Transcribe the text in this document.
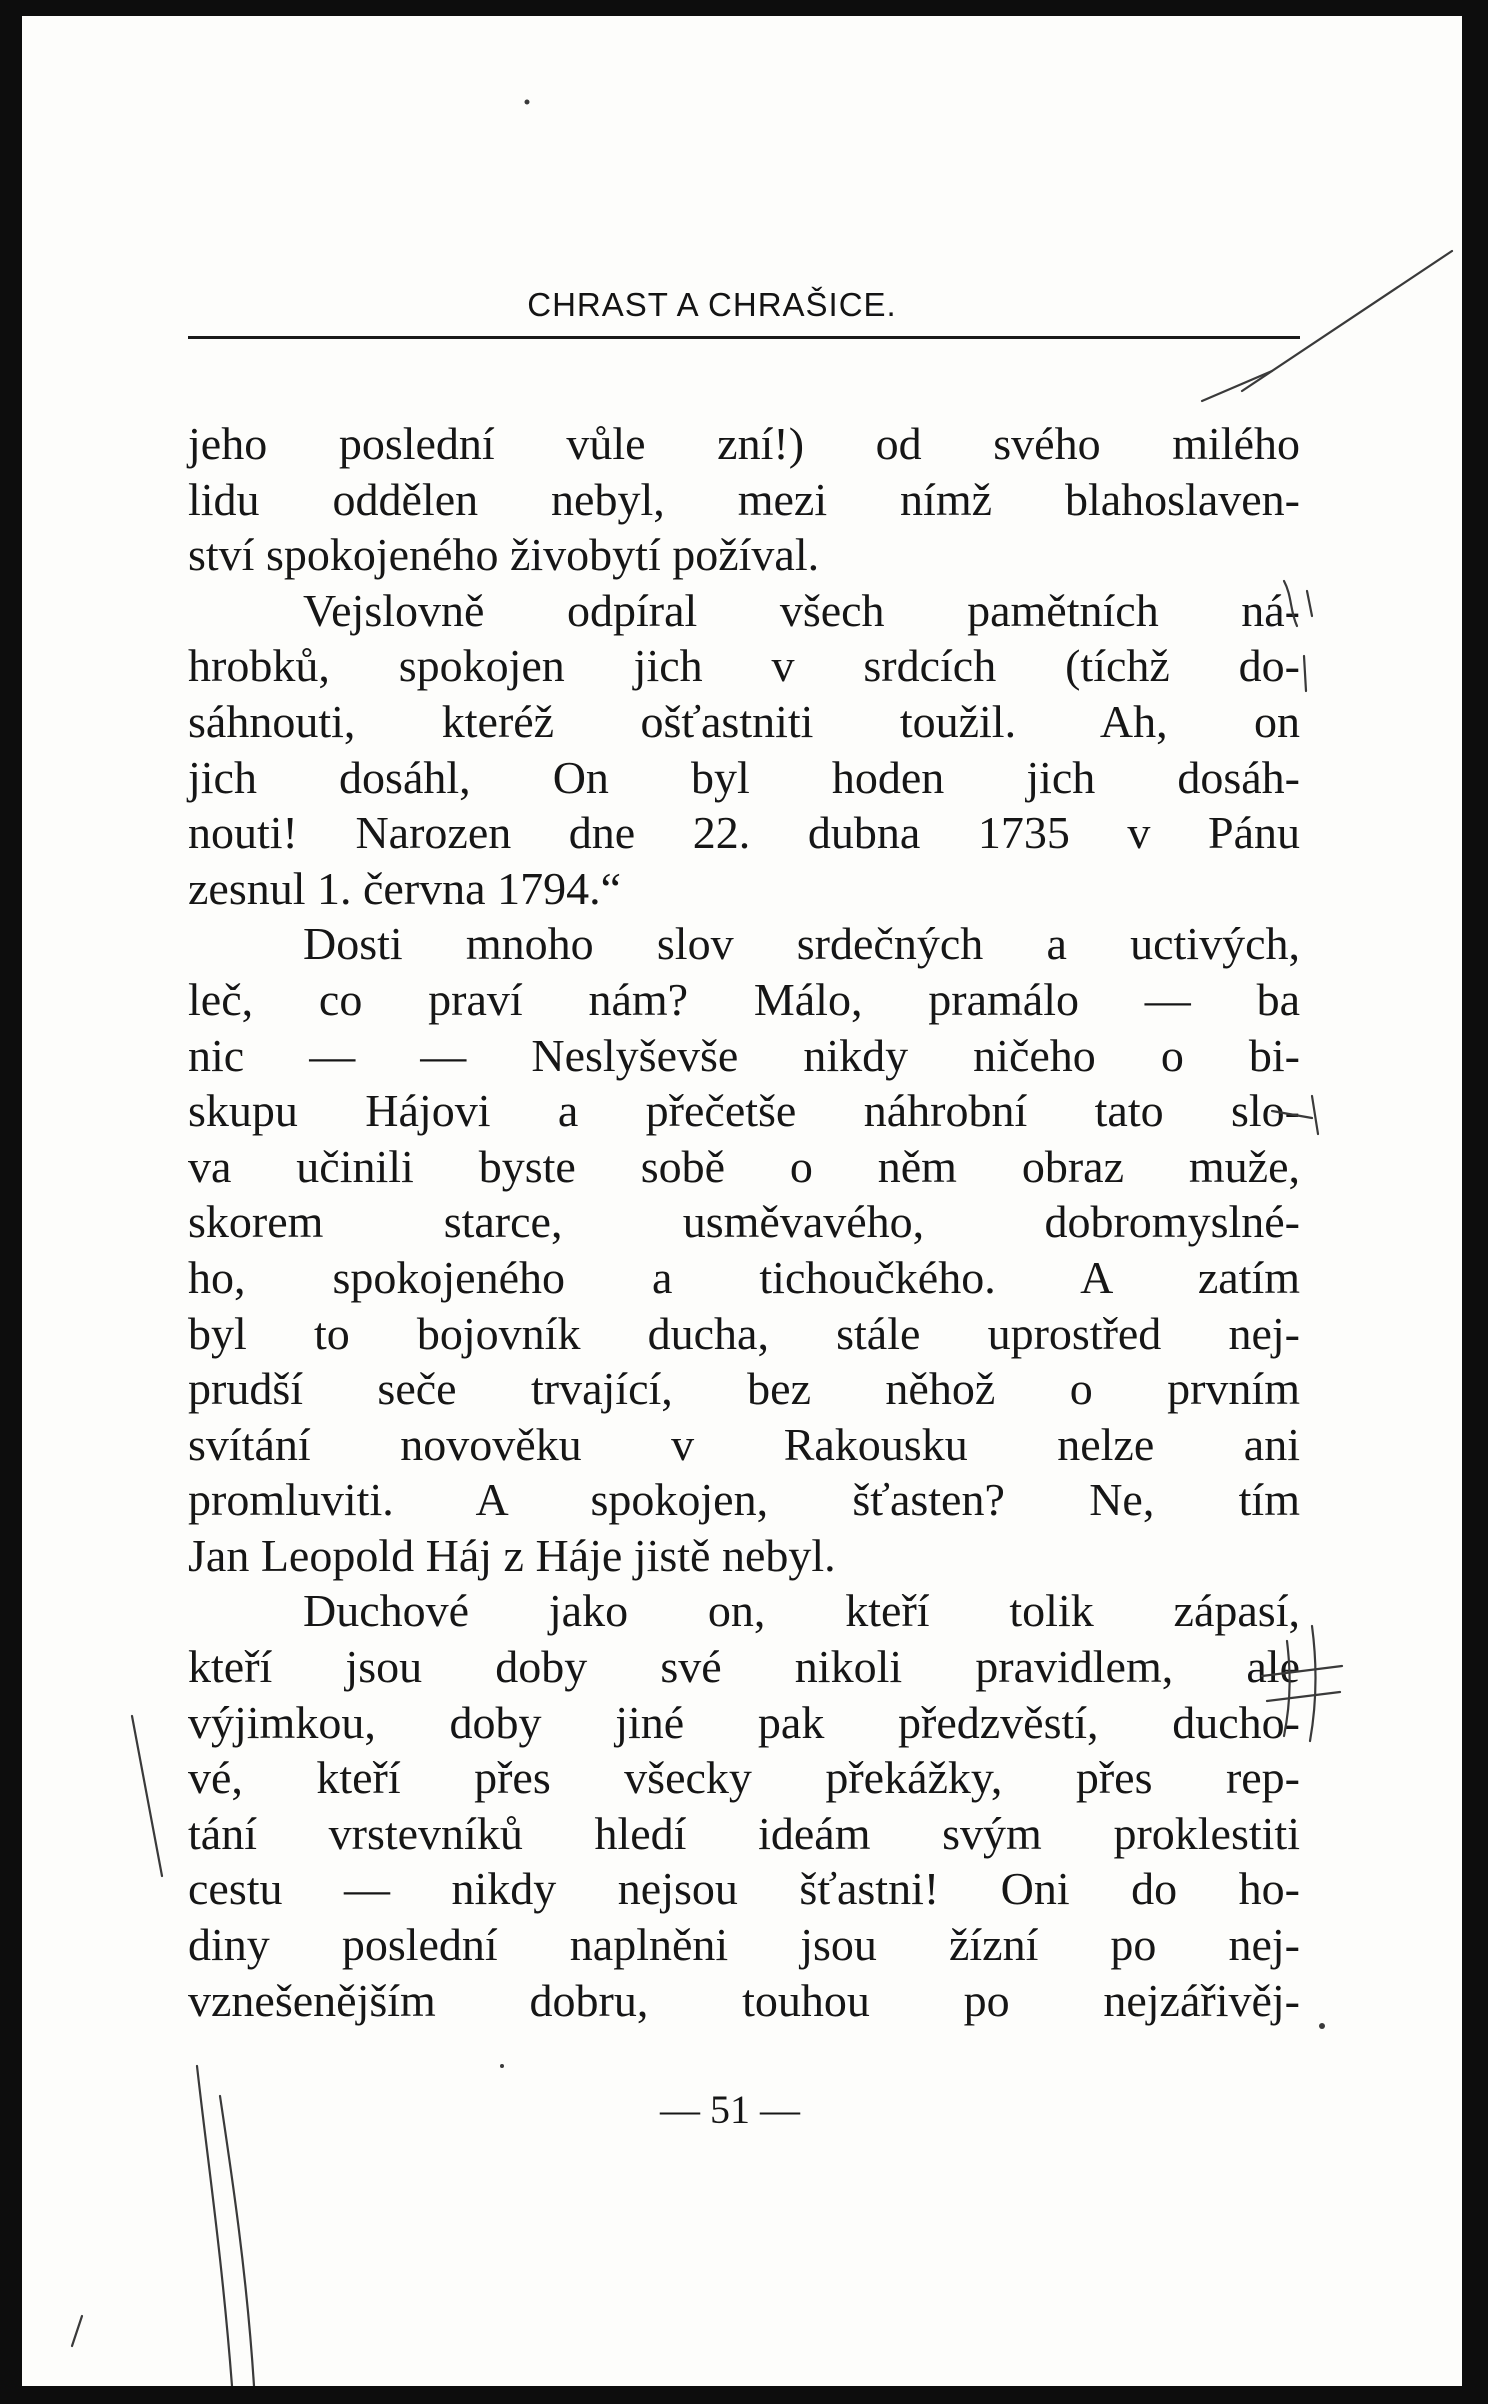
CHRAST A CHRAŠICE.
jeho poslední vůle zní!) od svého milého
lidu oddělen nebyl, mezi nímž blahoslaven-
ství spokojeného živobytí požíval.
Vejslovně odpíral všech pamětních ná-
hrobků, spokojen jich v srdcích (tíchž do-
sáhnouti, kteréž ošťastniti toužil. Ah, on
jich dosáhl, On byl hoden jich dosáh-
nouti! Narozen dne 22. dubna 1735 v Pánu
zesnul 1. června 1794.“
Dosti mnoho slov srdečných a uctivých,
leč, co praví nám? Málo, pramálo — ba
nic — — Neslyševše nikdy ničeho o bi-
skupu Hájovi a přečetše náhrobní tato slo-
va učinili byste sobě o něm obraz muže,
skorem starce, usměvavého, dobromyslné-
ho, spokojeného a tichoučkého. A zatím
byl to bojovník ducha, stále uprostřed nej-
prudší seče trvající, bez něhož o prvním
svítání novověku v Rakousku nelze ani
promluviti. A spokojen, šťasten? Ne, tím
Jan Leopold Háj z Háje jistě nebyl.
Duchové jako on, kteří tolik zápasí,
kteří jsou doby své nikoli pravidlem, ale
výjimkou, doby jiné pak předzvěstí, ducho-
vé, kteří přes všecky překážky, přes rep-
tání vrstevníků hledí ideám svým proklestiti
cestu — nikdy nejsou šťastni! Oni do ho-
diny poslední naplněni jsou žízní po nej-
vznešenějším dobru, touhou po nejzářivěj-
— 51 —
